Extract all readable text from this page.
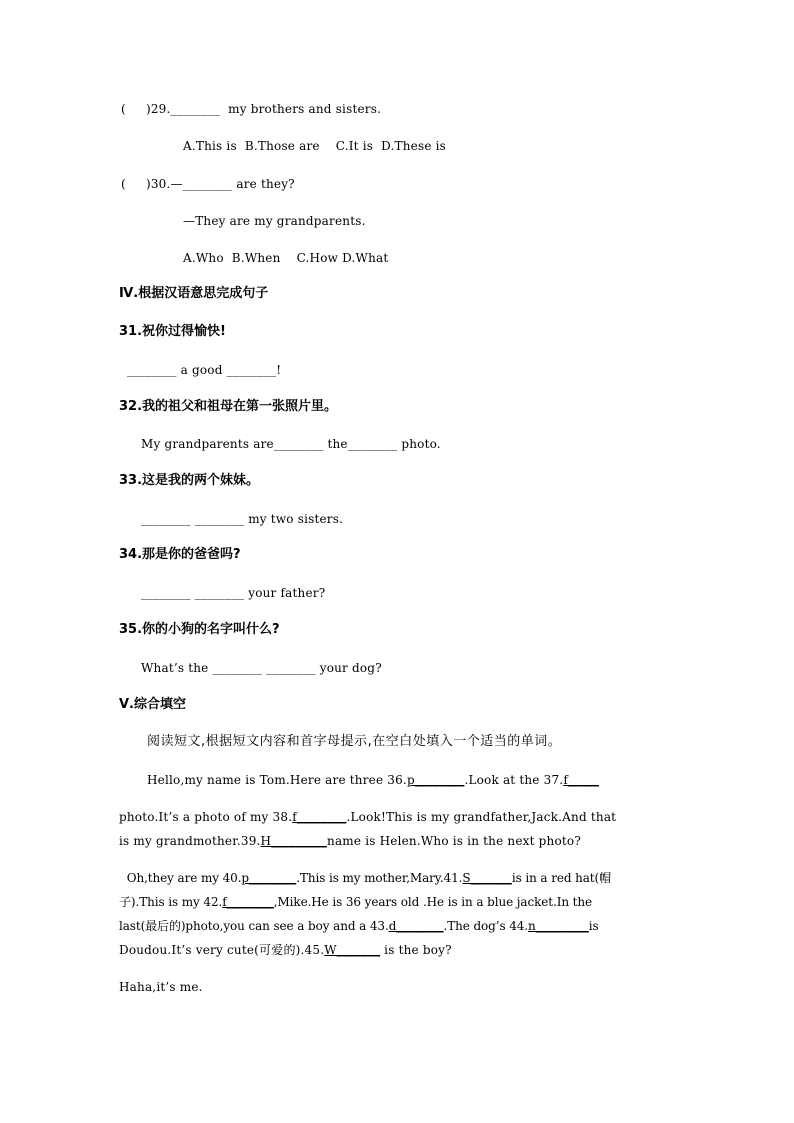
(     )29.________  my brothers and sisters.
A.This is  B.Those are    C.It is  D.These is
(     )30.—________ are they?
—They are my grandparents.
A.Who  B.When    C.How D.What
Ⅳ.根据汉语意思完成句子
31.祝你过得愉快!
________ a good ________!
32.我的祖父和祖母在第一张照片里。
My grandparents are________ the________ photo.
33.这是我的两个妹妹。
________ ________ my two sisters.
34.那是你的爸爸吗?
________ ________ your father?
35.你的小狗的名字叫什么?
What’s the ________ ________ your dog?
Ⅴ.综合填空
阅读短文,根据短文内容和首字母提示,在空白处填入一个适当的单词。
Hello,my name is Tom.Here are three 36.p________.Look at the 37.f_____
photo.It’s a photo of my 38.f________.Look!This is my grandfather,Jack.And that
is my grandmother.39.H_________name is Helen.Who is in the next photo?
Oh,they are my 40.p________.This is my mother,Mary.41.S_______is in a red hat(帽
子).This is my 42.f________,Mike.He is 36 years old .He is in a blue jacket.In the
last(最后的)photo,you can see a boy and a 43.d________.The dog’s 44.n_________is
Doudou.It’s very cute(可爱的).45.W_______ is the boy?
Haha,it’s me.
